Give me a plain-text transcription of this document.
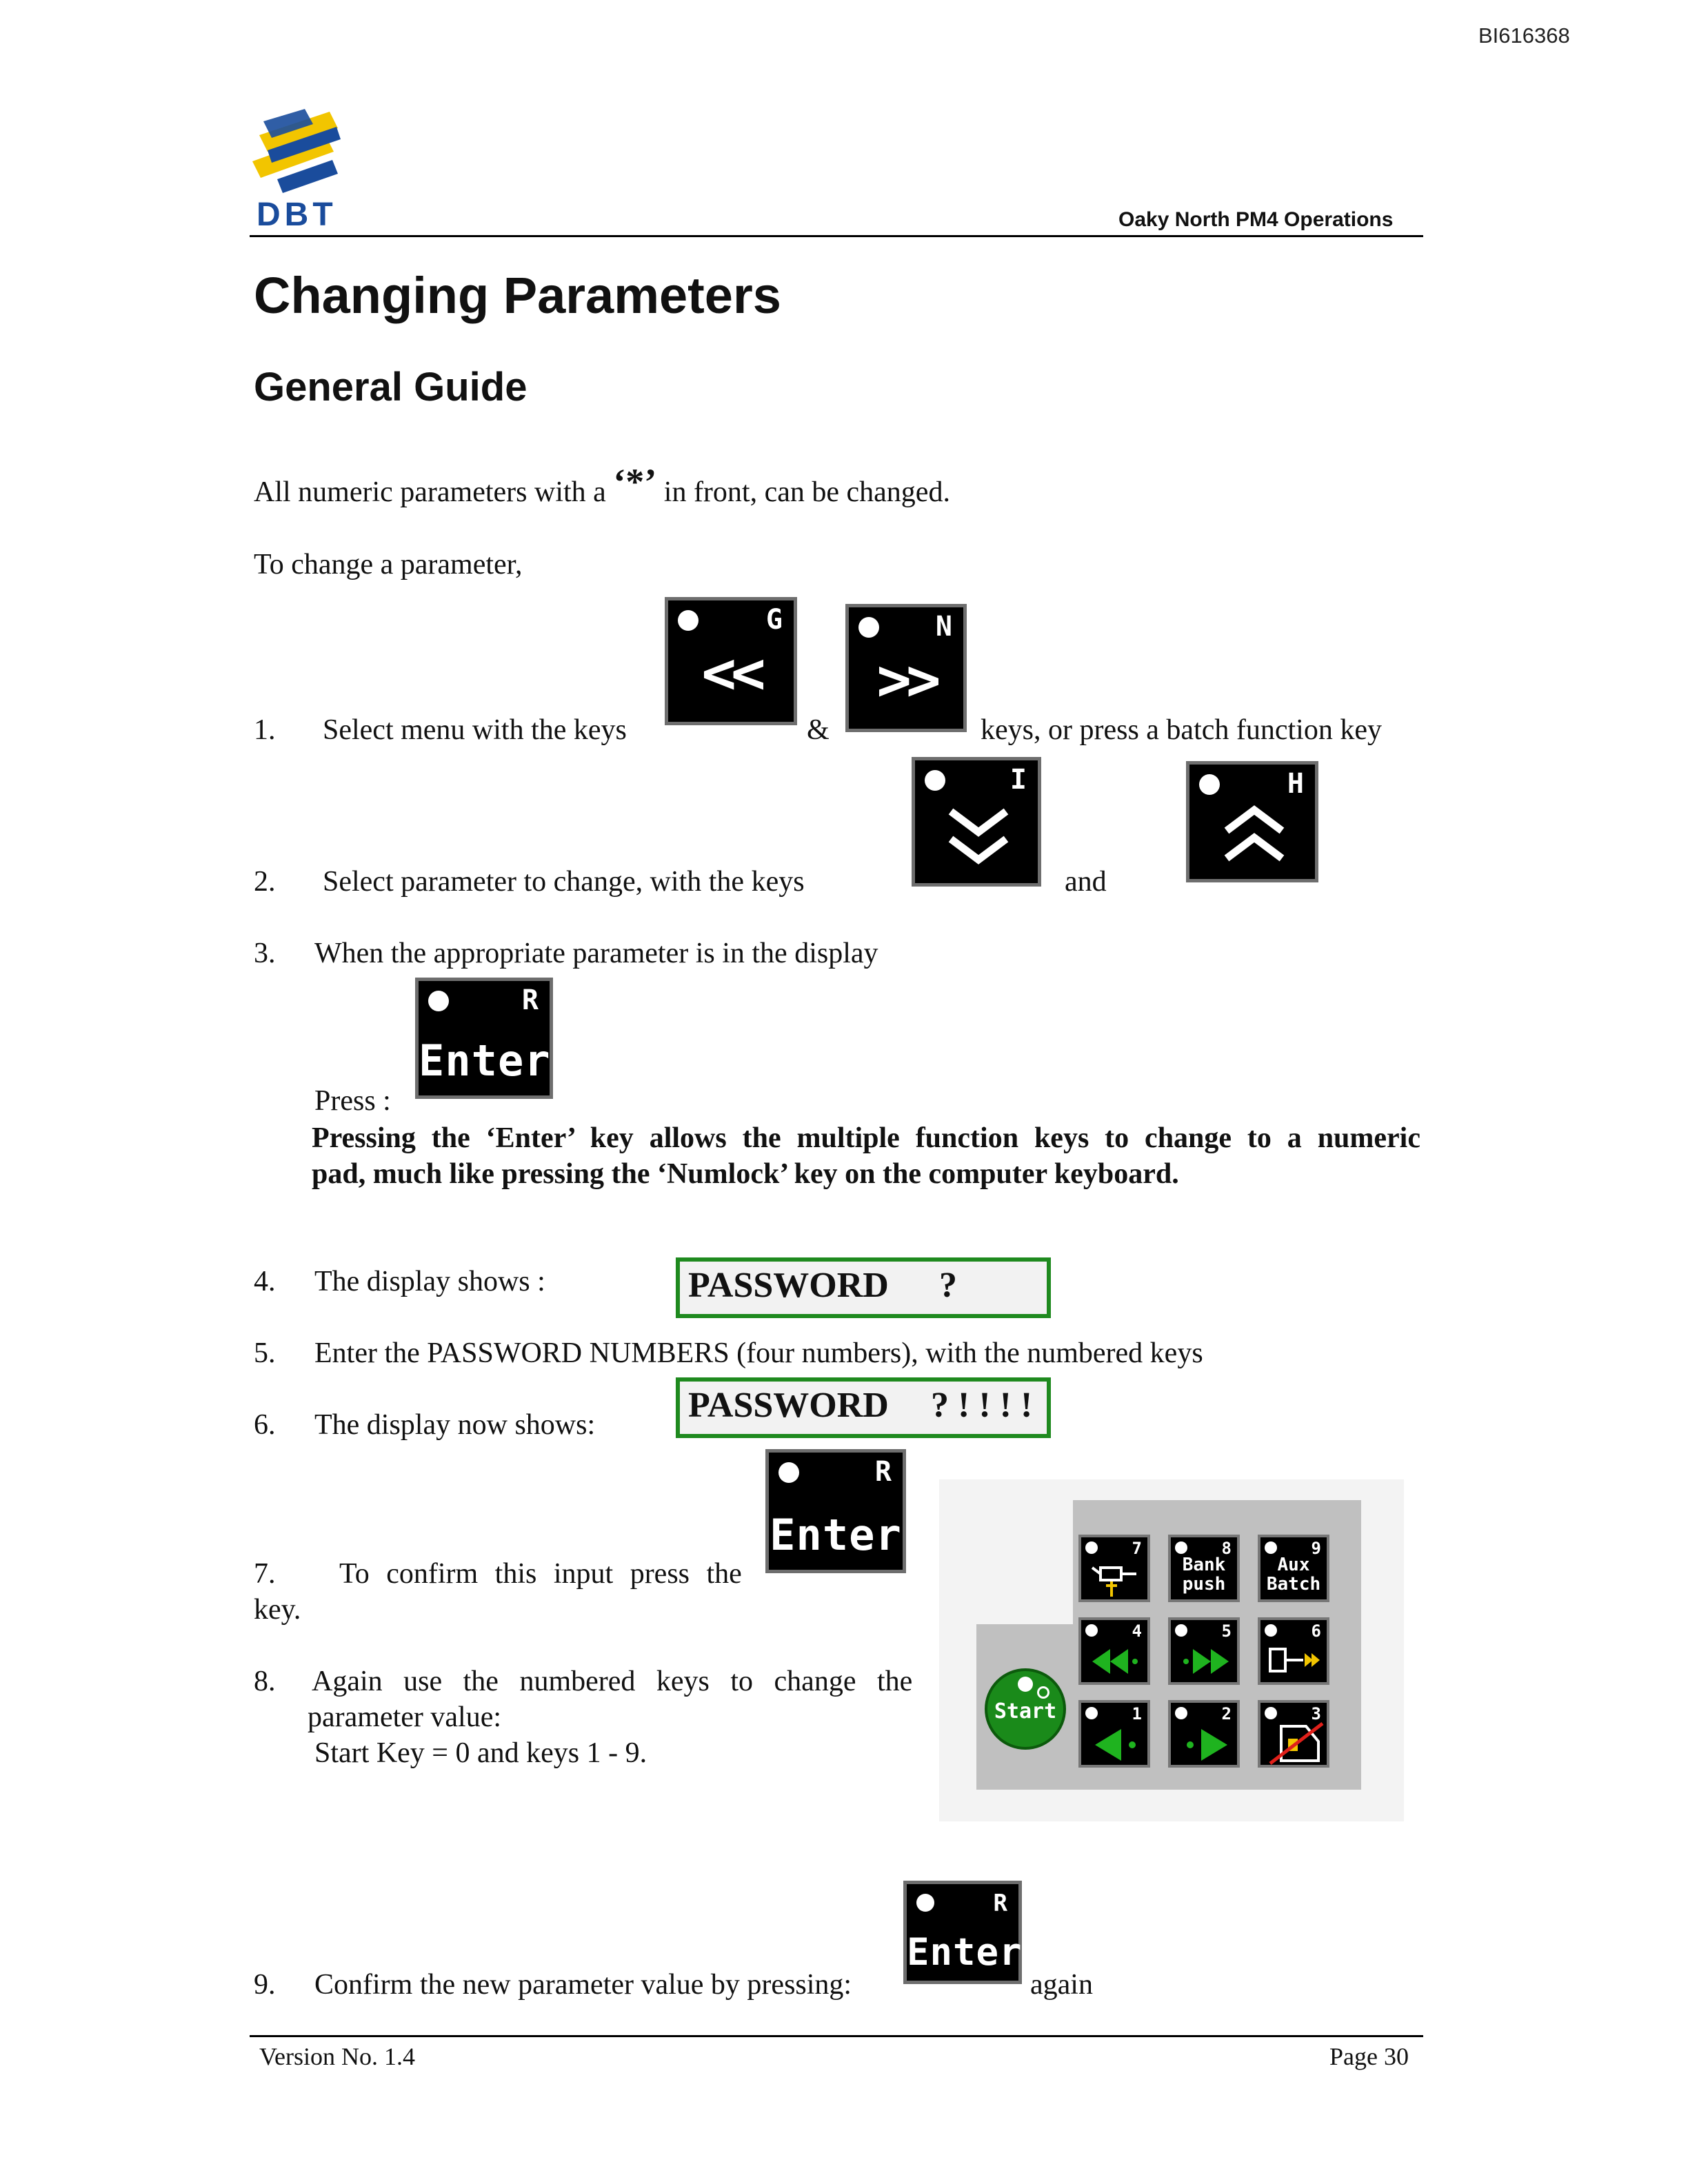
BI616368
DBT	Oaky North PM4 Operations
Changing Parameters
General Guide
All numeric parameters with a ‘*’ in front, can be changed.
To change a parameter,
1. Select menu with the keys
G
<<
&
N
>>
keys, or press a batch function key
2. Select parameter to change, with the keys
I
and
H
3. When the appropriate parameter is in the display
R
Enter
Press :
Pressing the ‘Enter’ key allows the multiple function keys to change to a numeric
pad, much like pressing the ‘Numlock’ key on the computer keyboard.
4. The display shows :	PASSWORD ?
5. Enter the PASSWORD NUMBERS (four numbers), with the numbered keys
PASSWORD ? ! ! ! !
6. The display now shows:
R
Enter
7. To confirm this input press the
key.
8. Again use the numbered keys to change the
parameter value:
Start Key = 0 and keys 1 - 9.
Start
7	8
Bank
push
9
Aux
Batch
4	5	6
1	2	3
R
Enter
9. Confirm the new parameter value by pressing:	again
Version No. 1.4	Page 30
